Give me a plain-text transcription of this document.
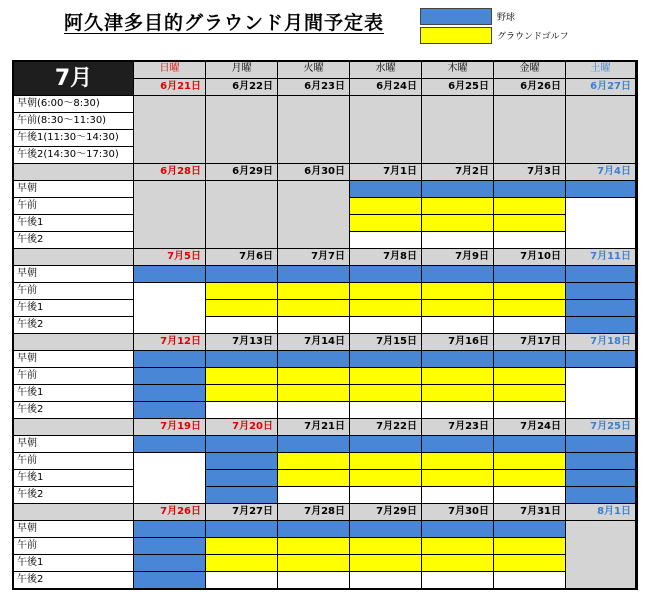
阿久津多目的グラウンド月間予定表	野球
グラウンドゴルフ
7月	日曜	月曜	火曜	水曜	木曜	金曜	土曜
6月21日	6月22日	6月23日	6月24日	6月25日	6月26日	6月27日
早朝(6:00～8:30)
午前(8:30～11:30)
午後1(11:30～14:30)
午後2(14:30～17:30)
6月28日	6月29日	6月30日	7月1日	7月2日	7月3日	7月4日
早朝
午前
午後1
午後2
7月5日	7月6日	7月7日	7月8日	7月9日	7月10日	7月11日
早朝
午前
午後1
午後2
7月12日	7月13日	7月14日	7月15日	7月16日	7月17日	7月18日
早朝
午前
午後1
午後2
7月19日	7月20日	7月21日	7月22日	7月23日	7月24日	7月25日
早朝
午前
午後1
午後2
7月26日	7月27日	7月28日	7月29日	7月30日	7月31日	8月1日
早朝
午前
午後1
午後2
